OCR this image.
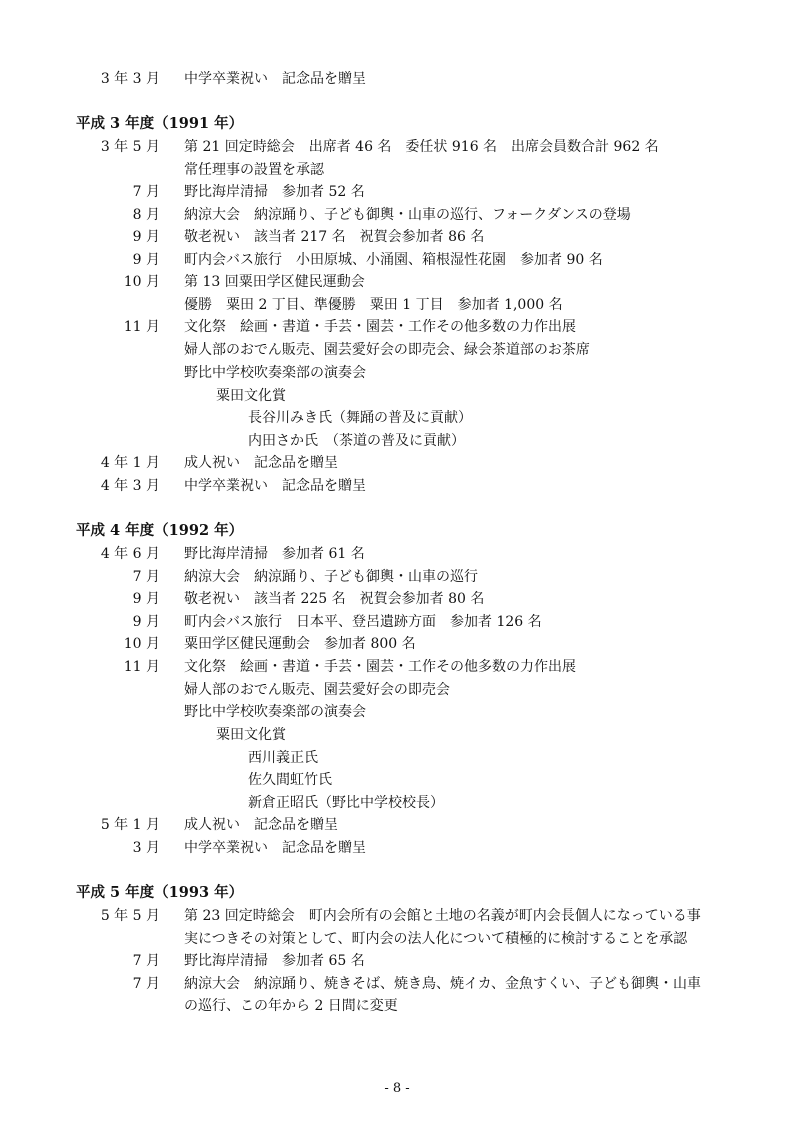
3 年 3 月 中学卒業祝い　記念品を贈呈
平成 3 年度（1991 年）
3 年 5 月 第 21 回定時総会　出席者 46 名　委任状 916 名　出席会員数合計 962 名
常任理事の設置を承認
7 月 野比海岸清掃　参加者 52 名
8 月 納涼大会　納涼踊り、子ども御輿・山車の巡行、フォークダンスの登場
9 月 敬老祝い　該当者 217 名　祝賀会参加者 86 名
9 月 町内会バス旅行　小田原城、小涌園、箱根湿性花園　参加者 90 名
10 月 第 13 回粟田学区健民運動会
優勝　粟田 2 丁目、準優勝　粟田 1 丁目　参加者 1,000 名
11 月 文化祭　絵画・書道・手芸・園芸・工作その他多数の力作出展
婦人部のおでん販売、園芸愛好会の即売会、緑会茶道部のお茶席
野比中学校吹奏楽部の演奏会
粟田文化賞
長谷川みき氏（舞踊の普及に貢献）
内田さか氏　（茶道の普及に貢献）
4 年 1 月 成人祝い　記念品を贈呈
4 年 3 月 中学卒業祝い　記念品を贈呈
平成 4 年度（1992 年）
4 年 6 月 野比海岸清掃　参加者 61 名
7 月 納涼大会　納涼踊り、子ども御輿・山車の巡行
9 月 敬老祝い　該当者 225 名　祝賀会参加者 80 名
9 月 町内会バス旅行　日本平、登呂遺跡方面　参加者 126 名
10 月 粟田学区健民運動会　参加者 800 名
11 月 文化祭　絵画・書道・手芸・園芸・工作その他多数の力作出展
婦人部のおでん販売、園芸愛好会の即売会
野比中学校吹奏楽部の演奏会
粟田文化賞
西川義正氏
佐久間虹竹氏
新倉正昭氏（野比中学校校長）
5 年 1 月 成人祝い　記念品を贈呈
3 月 中学卒業祝い　記念品を贈呈
平成 5 年度（1993 年）
5 年 5 月 第 23 回定時総会　町内会所有の会館と土地の名義が町内会長個人になっている事
実につきその対策として、町内会の法人化について積極的に検討することを承認
7 月 野比海岸清掃　参加者 65 名
7 月 納涼大会　納涼踊り、焼きそば、焼き鳥、焼イカ、金魚すくい、子ども御輿・山車
の巡行、この年から 2 日間に変更
- 8 -
